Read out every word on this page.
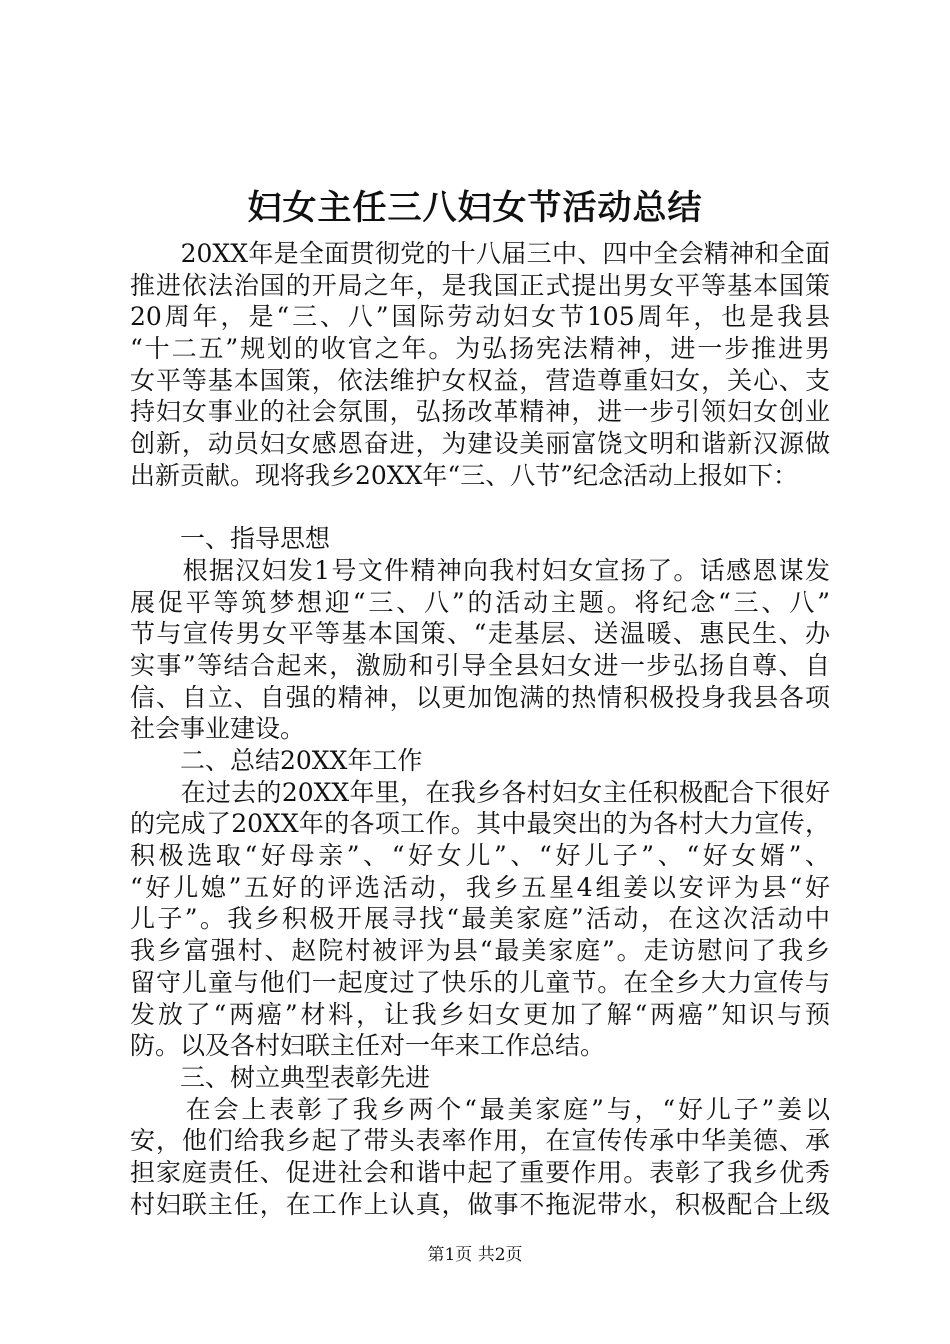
妇女主任三八妇女节活动总结
　　20XX年是全面贯彻党的十八届三中、四中全会精神和全面
推进依法治国的开局之年，是我国正式提出男女平等基本国策
20周年，是“三、八”国际劳动妇女节105周年，也是我县
“十二五”规划的收官之年。为弘扬宪法精神，进一步推进男
女平等基本国策，依法维护女权益，营造尊重妇女，关心、支
持妇女事业的社会氛围，弘扬改革精神，进一步引领妇女创业
创新，动员妇女感恩奋进，为建设美丽富饶文明和谐新汉源做
出新贡献。现将我乡20XX年“三、八节”纪念活动上报如下：
　　一、指导思想
　　根据汉妇发1号文件精神向我村妇女宣扬了。话感恩谋发
展促平等筑梦想迎“三、八”的活动主题。将纪念“三、八”
节与宣传男女平等基本国策、“走基层、送温暖、惠民生、办
实事”等结合起来，激励和引导全县妇女进一步弘扬自尊、自
信、自立、自强的精神，以更加饱满的热情积极投身我县各项
社会事业建设。
　　二、总结20XX年工作
　　在过去的20XX年里，在我乡各村妇女主任积极配合下很好
的完成了20XX年的各项工作。其中最突出的为各村大力宣传，
积极选取“好母亲”、“好女儿”、“好儿子”、“好女婿”、
“好儿媳”五好的评选活动，我乡五星4组姜以安评为县“好
儿子”。我乡积极开展寻找“最美家庭”活动，在这次活动中
我乡富强村、赵院村被评为县“最美家庭”。走访慰问了我乡
留守儿童与他们一起度过了快乐的儿童节。在全乡大力宣传与
发放了“两癌”材料，让我乡妇女更加了解“两癌”知识与预
防。以及各村妇联主任对一年来工作总结。
　　三、树立典型表彰先进
　　在会上表彰了我乡两个“最美家庭”与，“好儿子”姜以
安，他们给我乡起了带头表率作用，在宣传传承中华美德、承
担家庭责任、促进社会和谐中起了重要作用。表彰了我乡优秀
村妇联主任，在工作上认真，做事不拖泥带水，积极配合上级
第1页 共2页
